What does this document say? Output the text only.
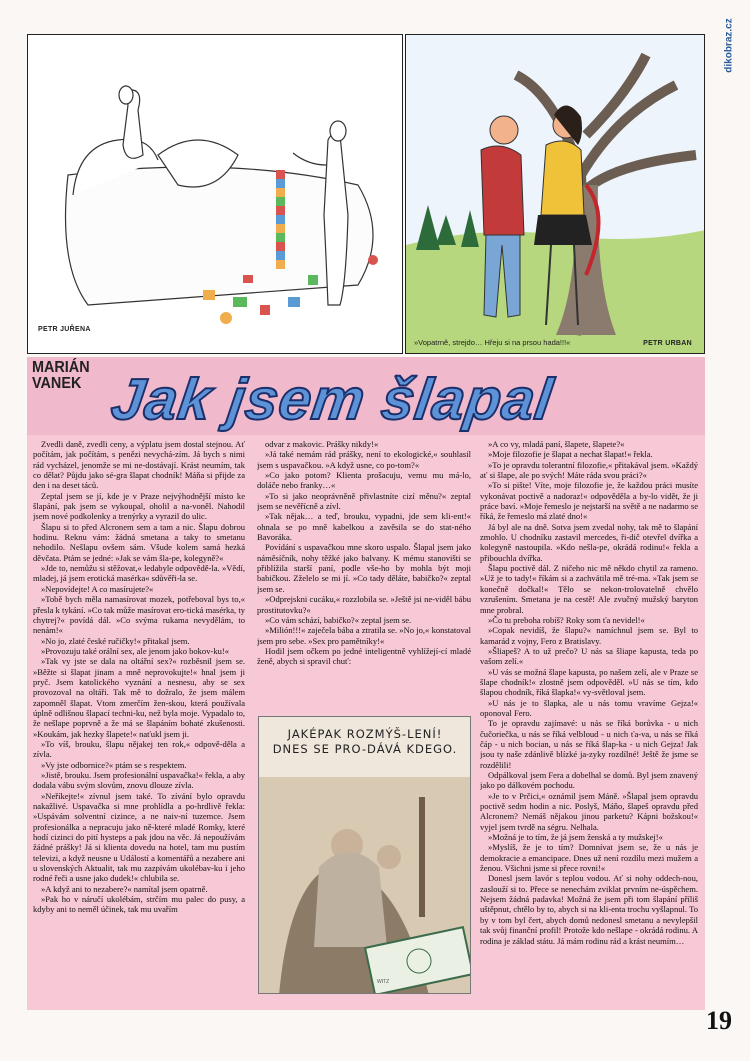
dikobraz.cz
PETR JUŘENA
»Vopatrně, strejdo… Hřeju si na prsou hada!!!«	PETR URBAN
MARIÁN
VANEK Jak jsem šlapal

Zvedli daně, zvedli ceny, a výplatu jsem dostal stejnou. Ať počítám, jak počítám, s penězi nevychá-zím. Já bych s nimi rád vycházel, jenomže se mi ne-dostávají. Krást neumím, tak co dělat? Půjdu jako sé-gra šlapat chodník! Máňa si přijde za den i na deset táců.

Zeptal jsem se jí, kde je v Praze nejvýhodnější místo ke šlapání, pak jsem se vykoupal, oholil a na-voněl. Nahodil jsem nové podkolenky a trenýrky a vyrazil do ulic.

Šlapu si to před Alcronem sem a tam a nic. Šlapu dobrou hodinu. Reknu vám: žádná smetana a taky to smetanu nehodilo. Nešlapu ovšem sám. Všude kolem samá hezká děvčata. Ptám se jedné: »Jak se vám šla-pe, kolegyně?«

»Jde to, nemůžu si stěžovat,« ledabyle odpovědě-la. »Vědí, mladej, já jsem erotická masérka« sdůvěři-la se.

»Nepovídejte! A co masírujete?«

»Tobě bych měla namasírovat mozek, potřeboval bys to,« přesla k tykání. »Co tak může masírovat ero-tická masérka, ty chytrej?« povídá dál. »Co svýma rukama nevydělám, to nenám!«

»No jo, zlaté české ručičky!« přitakal jsem.

»Provozuju také orální sex, ale jenom jako bokov-ku!«

»Tak vy jste se dala na oltářní sex?« rozběsnil jsem se. »Běžte si šlapat jinam a mně neprovokujte!« hnal jsem ji pryč. Jsem katolického vyznání a nesnesu, aby se sex provozoval na oltáři. Tak mě to dožralo, že jsem málem zapomněl šlapat. Vtom zmerčím žen-skou, která používala úplně odlišnou šlapací techni-ku, než byla moje. Vypadalo to, že nešlape poprvně a že má se šlapáním bohaté zkušenosti. »Koukám, jak hezky šlapete!« naťukl jsem ji.

»To víš, brouku, šlapu nějakej ten rok,« odpově-děla a zívla.

»Vy jste odbornice?« ptám se s respektem.

»Jistě, brouku. Jsem profesionální uspavačka!« řekla, a aby dodala vábu svým slovům, znovu dlouze zívla.

»Neříkejte!« zívnul jsem také. To zívání bylo opravdu nakažlivé. Uspavačka si mne prohlídla a po-hrdlivě řekla: »Uspávám solventní cizince, a ne naiv-ní tuzemce. Jsem profesionálka a nepracuju jako ně-které mladé Romky, které hodí cizinci do pití hysteps a pak jdou na věc. Já nepoužívám žádné prášky! Já si klienta dovedu na hotel, tam mu pustím televizi, a když neusne u Událostí a komentářů a nezabere ani u slovenských Aktualit, tak mu zazpívám ukolébav-ku i jeho rodné řeči a usne jako dudek!« chlubila se.

»A když ani to nezabere?« namítal jsem opatrně.

»Pak ho v náručí ukolébám, strčím mu palec do pusy, a kdyby ani to neměl účinek, tak mu uvařím

odvar z makovic. Prášky nikdy!«

»Já také nemám rád prášky, není to ekologické,« souhlasil jsem s uspavačkou. »A když usne, co po-tom?«

»Co jako potom? Klienta prošacuju, vemu mu má-lo, doláče nebo franky…«

»To si jako neoprávněně přivlastníte cizí měnu?« zeptal jsem se nevěřícně a zívl.

»Tak nějak… a teď, brouku, vypadni, jde sem kli-ent!« ohnala se po mně kabelkou a zavěsila se do stat-ného Bavoráka.

Povídání s uspavačkou mne skoro uspalo. Šlapal jsem jako náměsíčník, nohy těžké jako balvany. K mému stanovišti se přiblížila starší paní, podle vše-ho by mohla být moji babičkou. Zželelo se mi jí. »Co tady děláte, babičko?« zeptal jsem se.

»Odprejskni cucáku,« rozzlobila se. »Ještě jsi ne-viděl bábu prostitutovku?«

»Co vám schází, babičko?« zeptal jsem se.

»Milión!!!« zaječela bába a ztratila se. »No jo,« konstatoval jsem pro sebe. »Sex pro pamětníky!«

Hodil jsem očkem po jedné inteligentně vyhlížejí-cí mladé ženě, abych si spravil chuť:

JAKÉPAK ROZMÝŠ-LENÍ! DNES SE PRO-DÁVÁ KDEGO.
WITZ

»A co vy, mladá paní, šlapete, šlapete?«

»Moje filozofie je šlapat a nechat šlapat!« řekla.

»To je opravdu tolerantní filozofie,« přitakával jsem. »Každý ať si šlape, ale po svých! Máte ráda svou práci?«

»To si pište! Víte, moje filozofie je, že každou práci musíte vykonávat poctivě a nadoraz!« odpověděla a by-lo vidět, že ji práce baví. »Moje řemeslo je nejstarší na světě a ne nadarmo se říká, že řemeslo má zlaté dno!«

Já byl ale na dně. Sotva jsem zvedal nohy, tak mě to šlapání zmohlo. U chodníku zastavil mercedes, ři-dič otevřel dvířka a kolegyně nastoupila. »Kdo nešla-pe, okrádá rodinu!« řekla a přibouchla dvířka.

Šlapu poctivě dál. Z ničeho nic mě někdo chytil za rameno. »Už je to tady!« říkám si a zachvátila mě tré-ma. »Tak jsem se konečně dočkal!« Tělo se nekon-trolovatelně chvělo vzrušením. Smetana je na cestě! Ale zvučný mužský baryton mne probral.

»Čo tu preboha robíš? Roky som ťa nevidel!«

»Copak nevidíš, že šlapu?« namíchnul jsem se. Byl to kamarád z vojny, Fero z Bratislavy.

»Šliapeš? A to už prečo? U nás sa šliape kapusta, teda po vašom zelí.«

»U vás se možná šlape kapusta, po našem zelí, ale v Praze se šlape chodník!« zlostně jsem odpověděl. »U nás se tím, kdo šlapou chodník, říká šlapka!« vy-světloval jsem.

»U nás je to šlapka, ale u nás tomu vravíme Gejza!« oponoval Fero.

To je opravdu zajímavé: u nás se říká borůvka - u nich čučoriečka, u nás se říká velbloud - u nich ťa-va, u nás se říká čáp - u nich bocian, u nás se říká šlap-ka - u nich Gejza! Jak jsou ty naše zdánlivě blízké ja-zyky rozdílné! Ještě že jsme se rozdělili!

Odpálkoval jsem Fera a dobelhal se domů. Byl jsem znavený jako po dálkovém pochodu.

»Je to v Prčici,« oznámil jsem Máně. »Šlapal jsem opravdu poctivě sedm hodin a nic. Poslyš, Máňo, šlapeš opravdu před Alcronem? Nemáš nějakou jinou parketu? Kápni božskou!« vyjel jsem tvrdě na ségru. Nelhala.

»Možná je to tím, že já jsem ženská a ty mužskej!«

»Myslíš, že je to tím? Domnívat jsem se, že u nás je demokracie a emancipace. Dnes už není rozdílu mezi mužem a ženou. Všichni jsme si přece rovni!«

Donesl jsem lavór s teplou vodou. Ať si nohy oddech-nou, zaslouží si to. Přece se nenechám zviklat prvním ne-úspěchem. Nejsem žádná padavka! Možná že jsem při tom šlapání příliš uštěpnut, chtělo by to, abych si na kli-enta trochu vyšlapnul. To by v tom byl čert, abych domů nedonesl smetanu a nevylepšil tak svůj finanční profil! Protože kdo nešlape - okrádá rodinu. A rodina je základ státu. Já mám rodinu rád a krást neumím…

19
